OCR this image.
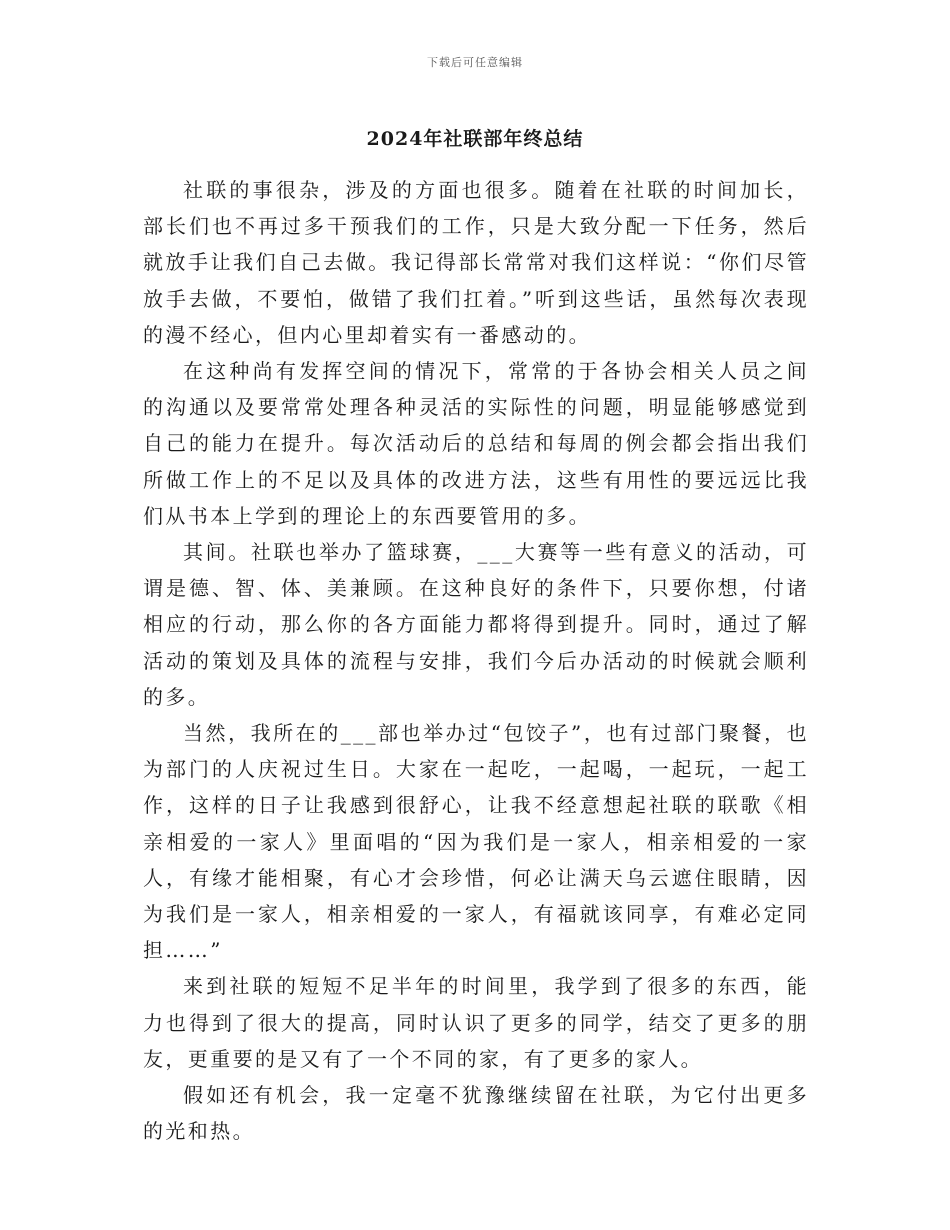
下载后可任意编辑
2024年社联部年终总结

社联的事很杂，涉及的方面也很多。随着在社联的时间加长，部长们也不再过多干预我们的工作，只是大致分配一下任务，然后就放手让我们自己去做。我记得部长常常对我们这样说：“你们尽管放手去做，不要怕，做错了我们扛着。”听到这些话，虽然每次表现的漫不经心，但内心里却着实有一番感动的。

在这种尚有发挥空间的情况下，常常的于各协会相关人员之间的沟通以及要常常处理各种灵活的实际性的问题，明显能够感觉到自己的能力在提升。每次活动后的总结和每周的例会都会指出我们所做工作上的不足以及具体的改进方法，这些有用性的要远远比我们从书本上学到的理论上的东西要管用的多。

其间。社联也举办了篮球赛，___大赛等一些有意义的活动，可谓是德、智、体、美兼顾。在这种良好的条件下，只要你想，付诸相应的行动，那么你的各方面能力都将得到提升。同时，通过了解活动的策划及具体的流程与安排，我们今后办活动的时候就会顺利的多。

当然，我所在的___部也举办过“包饺子”，也有过部门聚餐，也为部门的人庆祝过生日。大家在一起吃，一起喝，一起玩，一起工作，这样的日子让我感到很舒心，让我不经意想起社联的联歌《相亲相爱的一家人》里面唱的“因为我们是一家人，相亲相爱的一家人，有缘才能相聚，有心才会珍惜，何必让满天乌云遮住眼睛，因为我们是一家人，相亲相爱的一家人，有福就该同享，有难必定同担……”

来到社联的短短不足半年的时间里，我学到了很多的东西，能力也得到了很大的提高，同时认识了更多的同学，结交了更多的朋友，更重要的是又有了一个不同的家，有了更多的家人。

假如还有机会，我一定毫不犹豫继续留在社联，为它付出更多的光和热。
